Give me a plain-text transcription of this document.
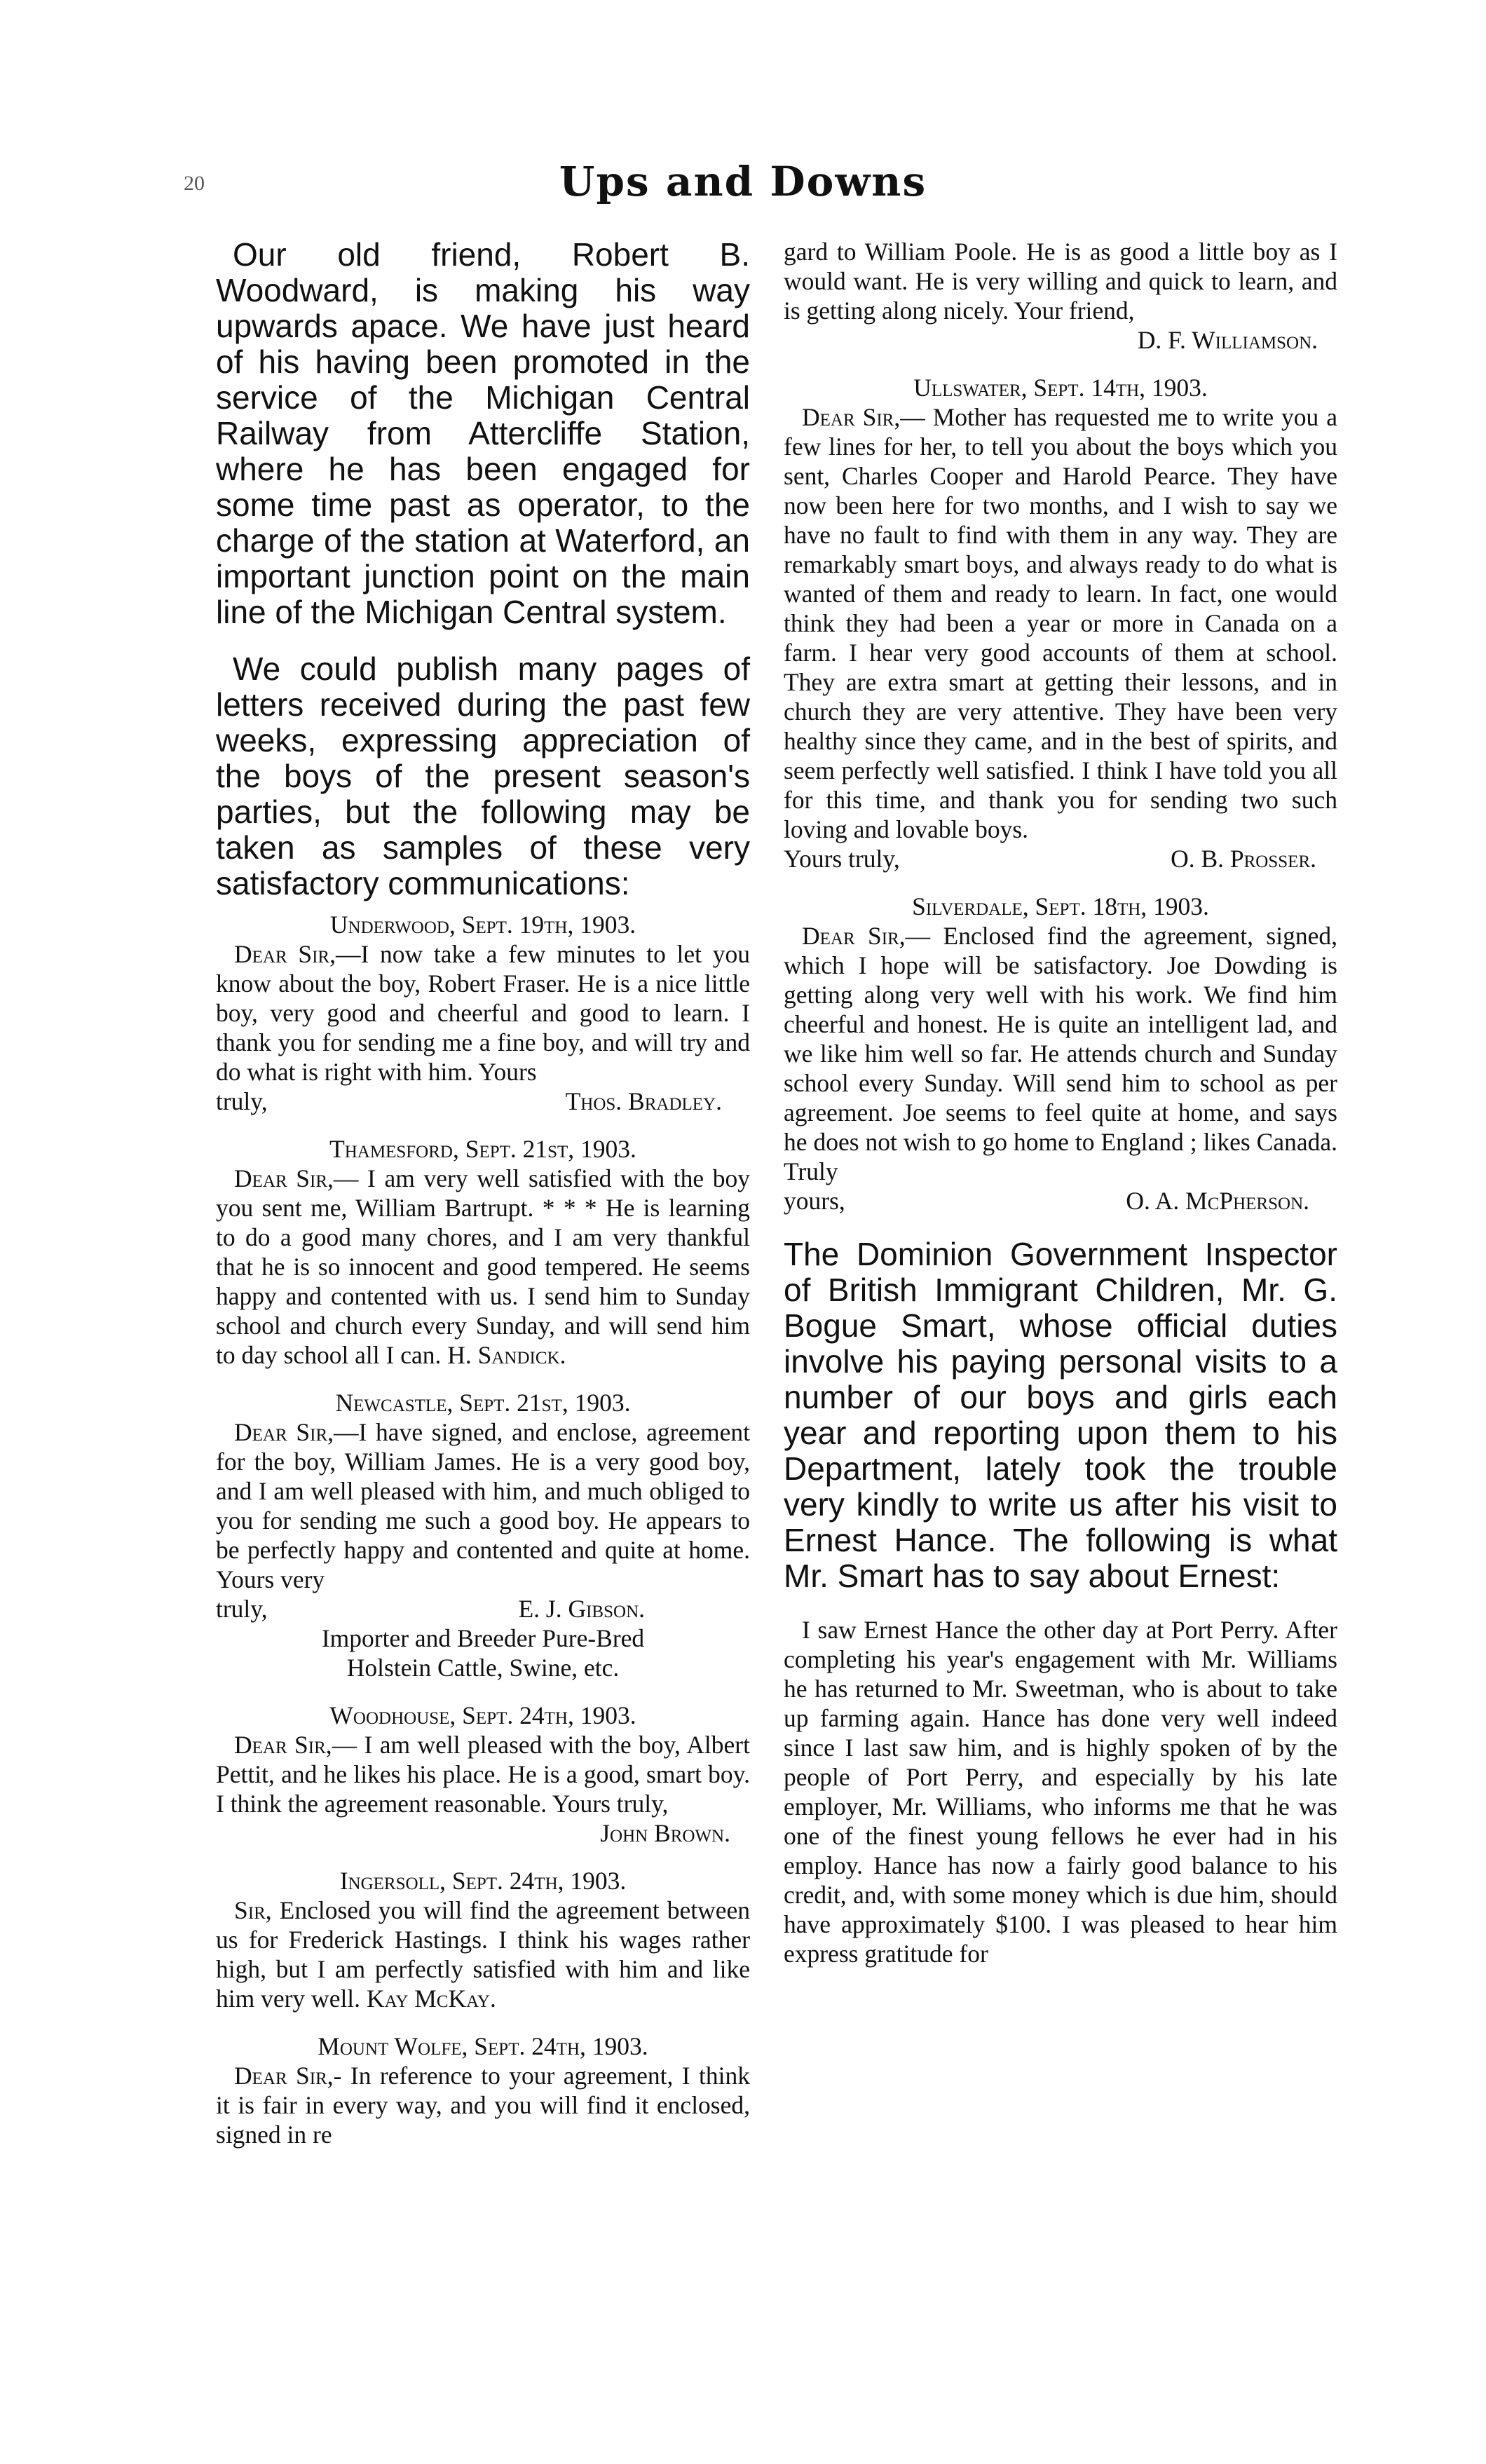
20	Ups and Downs

Our old friend, Robert B. Woodward, is making his way upwards apace. We have just heard of his having been promoted in the service of the Michigan Central Railway from Attercliffe Station, where he has been engaged for some time past as operator, to the charge of the station at Waterford, an important junction point on the main line of the Michigan Central system.

We could publish many pages of letters received during the past few weeks, expressing appreciation of the boys of the present season's parties, but the following may be taken as samples of these very satisfactory communications:

Underwood, Sept. 19th, 1903.

Dear Sir,—I now take a few minutes to let you know about the boy, Robert Fraser. He is a nice little boy, very good and cheerful and good to learn. I thank you for sending me a fine boy, and will try and do what is right with him. Yours

truly,	Thos. Bradley.
Thamesford, Sept. 21st, 1903.

Dear Sir,— I am very well satisfied with the boy you sent me, William Bartrupt. * * * He is learning to do a good many chores, and I am very thankful that he is so innocent and good tempered. He seems happy and contented with us. I send him to Sunday school and church every Sunday, and will send him to day school all I can. H. Sandick.

Newcastle, Sept. 21st, 1903.

Dear Sir,—I have signed, and enclose, agreement for the boy, William James. He is a very good boy, and I am well pleased with him, and much obliged to you for sending me such a good boy. He appears to be perfectly happy and contented and quite at home. Yours very

truly,	E. J. Gibson.
Importer and Breeder Pure-Bred
Holstein Cattle, Swine, etc.
Woodhouse, Sept. 24th, 1903.

Dear Sir,— I am well pleased with the boy, Albert Pettit, and he likes his place. He is a good, smart boy. I think the agreement reasonable. Yours truly,

John Brown.
Ingersoll, Sept. 24th, 1903.

Sir, Enclosed you will find the agreement between us for Frederick Hastings. I think his wages rather high, but I am perfectly satisfied with him and like him very well. Kay McKay.

Mount Wolfe, Sept. 24th, 1903.

Dear Sir,- In reference to your agreement, I think it is fair in every way, and you will find it enclosed, signed in re

gard to William Poole. He is as good a little boy as I would want. He is very willing and quick to learn, and is getting along nicely. Your friend,

D. F. Williamson.
Ullswater, Sept. 14th, 1903.

Dear Sir,— Mother has requested me to write you a few lines for her, to tell you about the boys which you sent, Charles Cooper and Harold Pearce. They have now been here for two months, and I wish to say we have no fault to find with them in any way. They are remarkably smart boys, and always ready to do what is wanted of them and ready to learn. In fact, one would think they had been a year or more in Canada on a farm. I hear very good accounts of them at school. They are extra smart at getting their lessons, and in church they are very attentive. They have been very healthy since they came, and in the best of spirits, and seem perfectly well satisfied. I think I have told you all for this time, and thank you for sending two such loving and lovable boys.

Yours truly,	O. B. Prosser.
Silverdale, Sept. 18th, 1903.

Dear Sir,— Enclosed find the agreement, signed, which I hope will be satisfactory. Joe Dowding is getting along very well with his work. We find him cheerful and honest. He is quite an intelligent lad, and we like him well so far. He attends church and Sunday school every Sunday. Will send him to school as per agreement. Joe seems to feel quite at home, and says he does not wish to go home to England ; likes Canada. Truly

yours,	O. A. McPherson.

The Dominion Government Inspector of British Immigrant Children, Mr. G. Bogue Smart, whose official duties involve his paying personal visits to a number of our boys and girls each year and reporting upon them to his Department, lately took the trouble very kindly to write us after his visit to Ernest Hance. The following is what Mr. Smart has to say about Ernest:

I saw Ernest Hance the other day at Port Perry. After completing his year's engagement with Mr. Williams he has returned to Mr. Sweetman, who is about to take up farming again. Hance has done very well indeed since I last saw him, and is highly spoken of by the people of Port Perry, and especially by his late employer, Mr. Williams, who informs me that he was one of the finest young fellows he ever had in his employ. Hance has now a fairly good balance to his credit, and, with some money which is due him, should have approximately $100. I was pleased to hear him express gratitude for
